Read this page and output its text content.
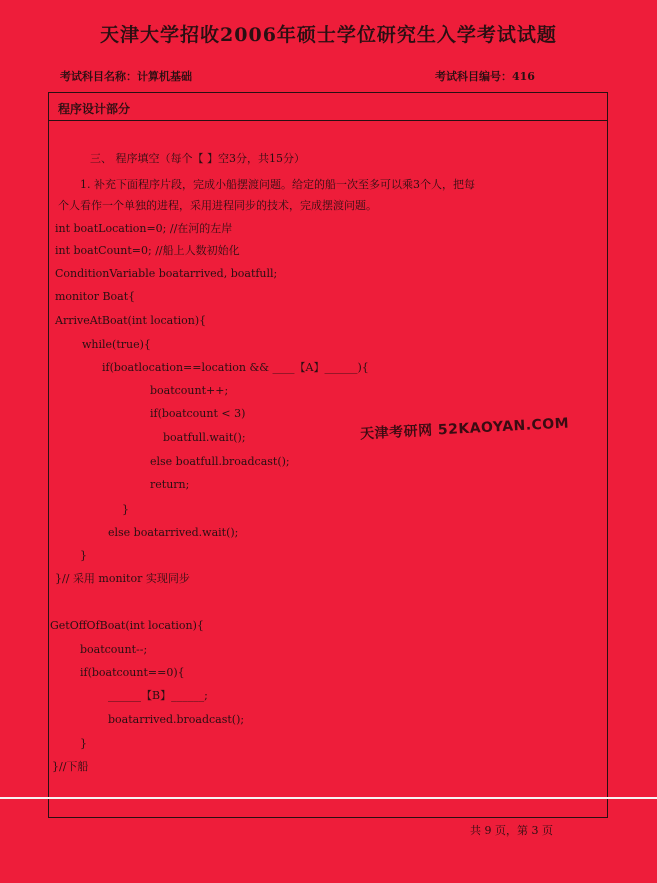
天津大学招收2006年硕士学位研究生入学考试试题
考试科目名称：计算机基础	考试科目编号：416
程序设计部分
三、 程序填空（每个【 】空3分，共15分）
1. 补充下面程序片段，完成小船摆渡问题。给定的船一次至多可以乘3个人，把每
个人看作一个单独的进程，采用进程同步的技术，完成摆渡问题。
int boatLocation=0; //在河的左岸
int boatCount=0; //船上人数初始化
ConditionVariable boatarrived, boatfull;
monitor Boat{
ArriveAtBoat(int location){
while(true){
if(boatlocation==location && ____【A】______){
boatcount++;
if(boatcount < 3)
boatfull.wait();
else boatfull.broadcast();
return;
}
else boatarrived.wait();
}
}// 采用 monitor 实现同步
GetOffOfBoat(int location){
boatcount--;
if(boatcount==0){
______【B】______;
boatarrived.broadcast();
}
}//下船
天津考研网 52KAOYAN.COM
共 9 页，第 3 页
